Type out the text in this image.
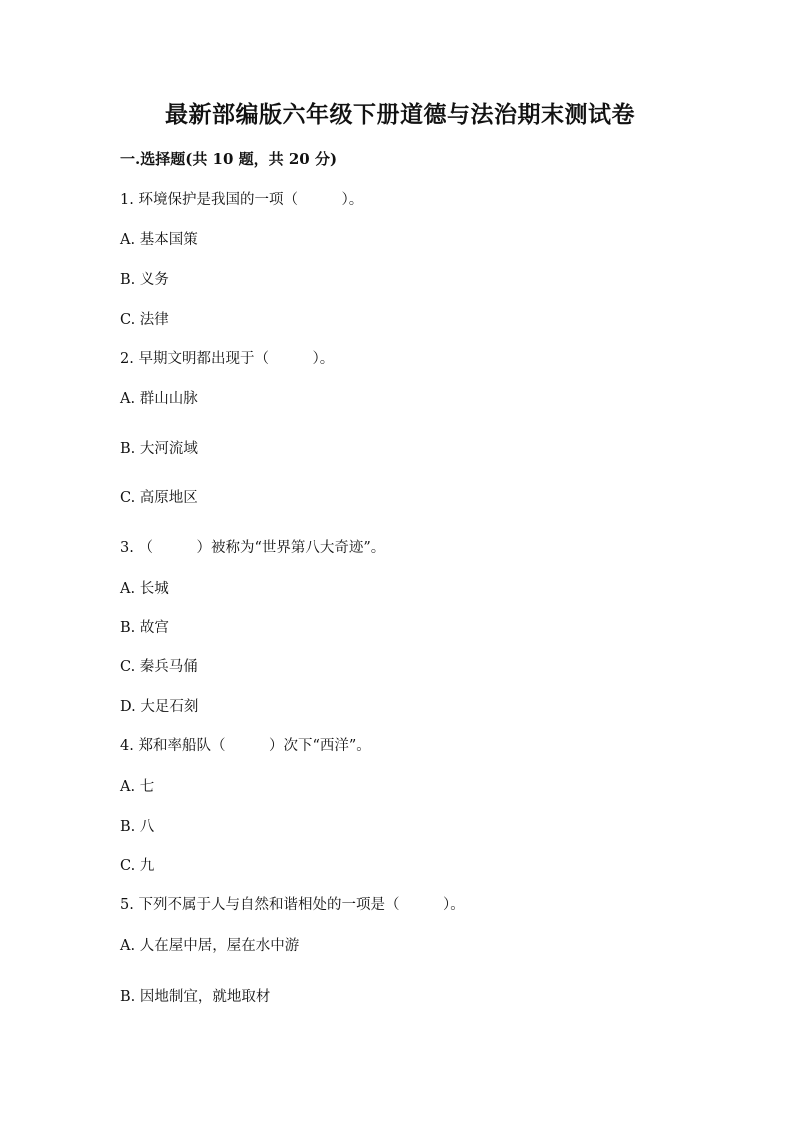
最新部编版六年级下册道德与法治期末测试卷
一.选择题(共 10 题，共 20 分)
1. 环境保护是我国的一项（　　　）。
A. 基本国策
B. 义务
C. 法律
2. 早期文明都出现于（　　　）。
A. 群山山脉
B. 大河流域
C. 高原地区
3. （　　　）被称为“世界第八大奇迹”。
A. 长城
B. 故宫
C. 秦兵马俑
D. 大足石刻
4. 郑和率船队（　　　）次下“西洋”。
A. 七
B. 八
C. 九
5. 下列不属于人与自然和谐相处的一项是（　　　）。
A. 人在屋中居，屋在水中游
B. 因地制宜，就地取材
